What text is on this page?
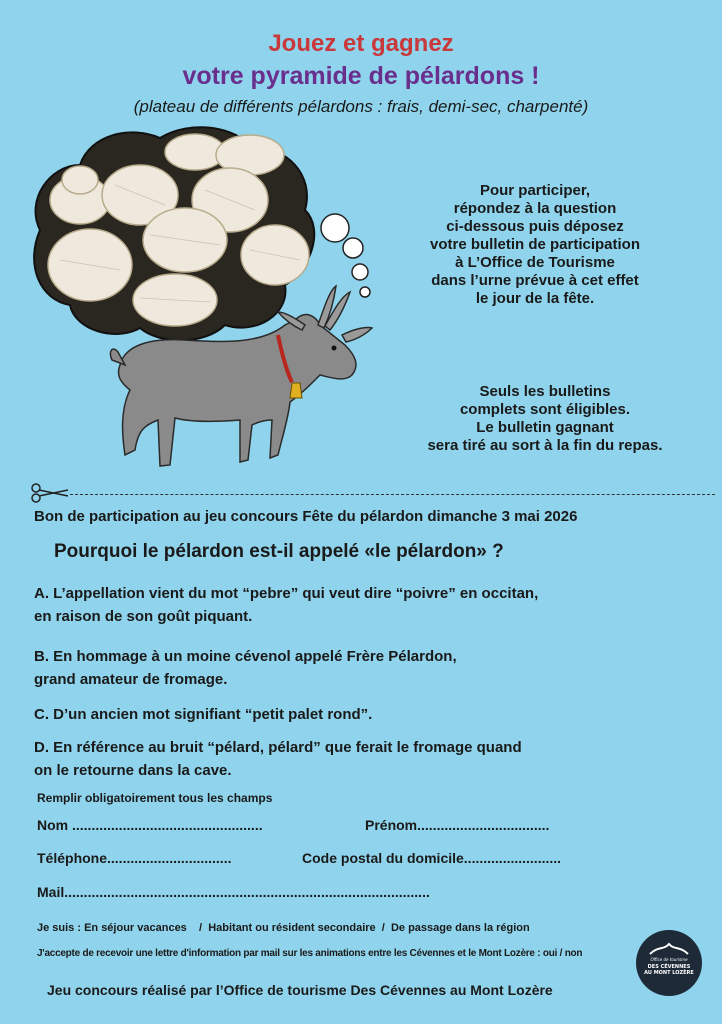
Jouez et gagnez
votre pyramide de pélardons !
(plateau de différents pélardons : frais, demi-sec, charpenté)
Pour participer,
répondez à la question
ci-dessous puis déposez
votre bulletin de participation
à L’Office de Tourisme
dans l’urne prévue à cet effet
le jour de la fête.
Seuls les bulletins
complets sont éligibles.
Le bulletin gagnant
sera tiré au sort à la fin du repas.
Bon de participation au jeu concours Fête du pélardon dimanche 3 mai 2026
Pourquoi le pélardon est-il appelé «le pélardon» ?
A. L’appellation vient du mot “pebre” qui veut dire “poivre” en occitan,
en raison de son goût piquant.
B. En hommage à un moine cévenol appelé Frère Pélardon,
grand amateur de fromage.
C. D’un ancien mot signifiant “petit palet rond”.
D. En référence au bruit “pélard, pélard” que ferait le fromage quand
on le retourne dans la cave.
Remplir obligatoirement tous les champs
Nom .................................................	Prénom..................................
Téléphone................................	Code postal du domicile.........................
Mail..............................................................................................
Je suis : En séjour vacances    /  Habitant ou résident secondaire  /  De passage dans la région
J'accepte de recevoir une lettre d'information par mail sur les animations entre les Cévennes et le Mont Lozère : oui / non
Jeu concours réalisé par l’Office de tourisme Des Cévennes au Mont Lozère
Office de tourisme
DES CÉVENNES
AU MONT LOZÈRE
